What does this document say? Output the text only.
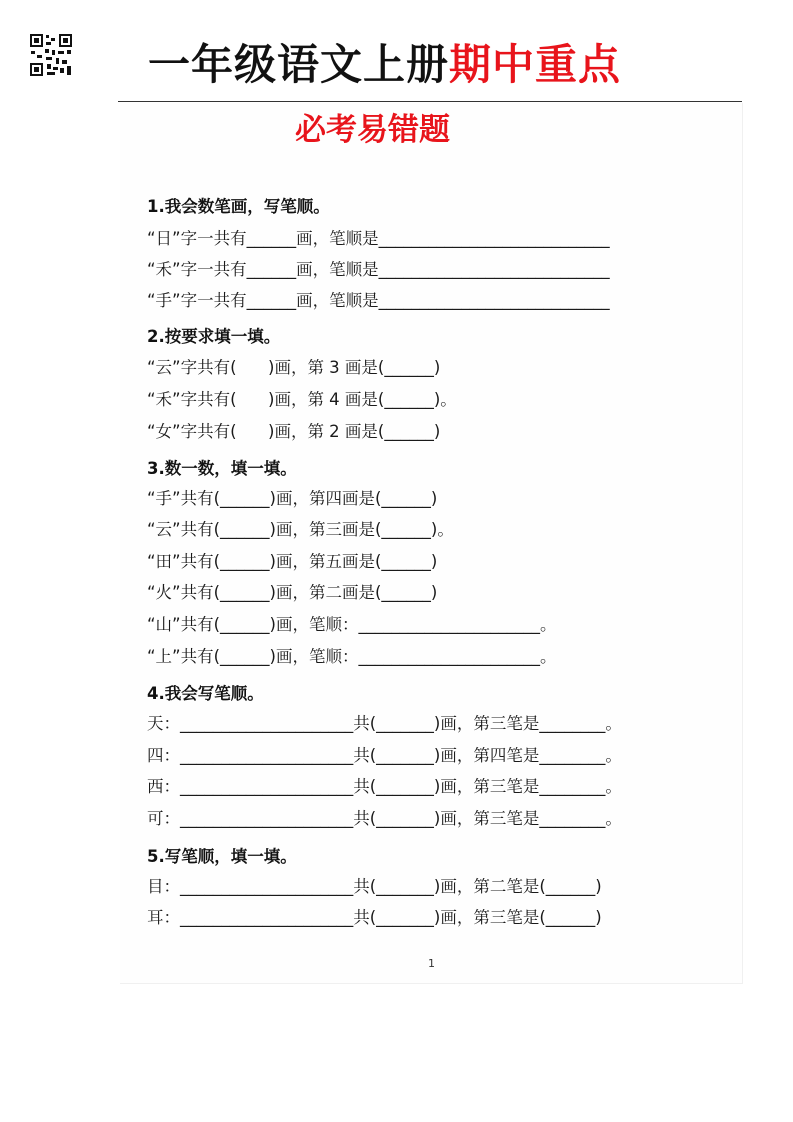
一年级语文上册期中重点
必考易错题
1.我会数笔画，写笔顺。
“日”字一共有______画，笔顺是____________________________
“禾”字一共有______画，笔顺是____________________________
“手”字一共有______画，笔顺是____________________________
2.按要求填一填。
“云”字共有(      )画，第 3 画是(______)
“禾”字共有(      )画，第 4 画是(______)。
“女”字共有(      )画，第 2 画是(______)
3.数一数，填一填。
“手”共有(______)画，第四画是(______)
“云”共有(______)画，第三画是(______)。
“田”共有(______)画，第五画是(______)
“火”共有(______)画，第二画是(______)
“山”共有(______)画，笔顺：______________________。
“上”共有(______)画，笔顺：______________________。
4.我会写笔顺。
天：_____________________共(_______)画，第三笔是________。
四：_____________________共(_______)画，第四笔是________。
西：_____________________共(_______)画，第三笔是________。
可：_____________________共(_______)画，第三笔是________。
5.写笔顺，填一填。
目：_____________________共(_______)画，第二笔是(______)
耳：_____________________共(_______)画，第三笔是(______)
1
